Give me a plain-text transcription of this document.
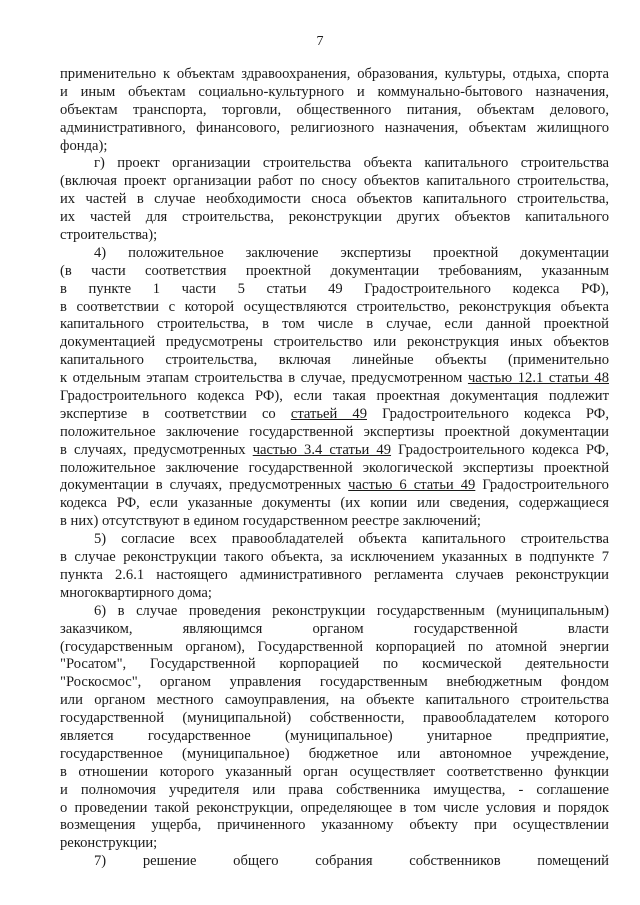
7
применительно к объектам здравоохранения, образования, культуры, отдыха, спорта
и иным объектам социально-культурного и коммунально-бытового назначения,
объектам транспорта, торговли, общественного питания, объектам делового,
административного, финансового, религиозного назначения, объектам жилищного
фонда);
г) проект организации строительства объекта капитального строительства
(включая проект организации работ по сносу объектов капитального строительства,
их частей в случае необходимости сноса объектов капитального строительства,
их частей для строительства, реконструкции других объектов капитального
строительства);
4) положительное заключение экспертизы проектной документации
(в части соответствия проектной документации требованиям, указанным
в пункте 1 части 5 статьи 49 Градостроительного кодекса РФ),
в соответствии с которой осуществляются строительство, реконструкция объекта
капитального строительства, в том числе в случае, если данной проектной
документацией предусмотрены строительство или реконструкция иных объектов
капитального строительства, включая линейные объекты (применительно
к отдельным этапам строительства в случае, предусмотренном частью 12.1 статьи 48
Градостроительного кодекса РФ), если такая проектная документация подлежит
экспертизе в соответствии со статьей 49 Градостроительного кодекса РФ,
положительное заключение государственной экспертизы проектной документации
в случаях, предусмотренных частью 3.4 статьи 49 Градостроительного кодекса РФ,
положительное заключение государственной экологической экспертизы проектной
документации в случаях, предусмотренных частью 6 статьи 49 Градостроительного
кодекса РФ, если указанные документы (их копии или сведения, содержащиеся
в них) отсутствуют в едином государственном реестре заключений;
5) согласие всех правообладателей объекта капитального строительства
в случае реконструкции такого объекта, за исключением указанных в подпункте 7
пункта 2.6.1 настоящего административного регламента случаев реконструкции
многоквартирного дома;
6) в случае проведения реконструкции государственным (муниципальным)
заказчиком, являющимся органом государственной власти
(государственным органом), Государственной корпорацией по атомной энергии
"Росатом", Государственной корпорацией по космической деятельности
"Роскосмос", органом управления государственным внебюджетным фондом
или органом местного самоуправления, на объекте капитального строительства
государственной (муниципальной) собственности, правообладателем которого
является государственное (муниципальное) унитарное предприятие,
государственное (муниципальное) бюджетное или автономное учреждение,
в отношении которого указанный орган осуществляет соответственно функции
и полномочия учредителя или права собственника имущества, - соглашение
о проведении такой реконструкции, определяющее в том числе условия и порядок
возмещения ущерба, причиненного указанному объекту при осуществлении
реконструкции;
7) решение общего собрания собственников помещений
